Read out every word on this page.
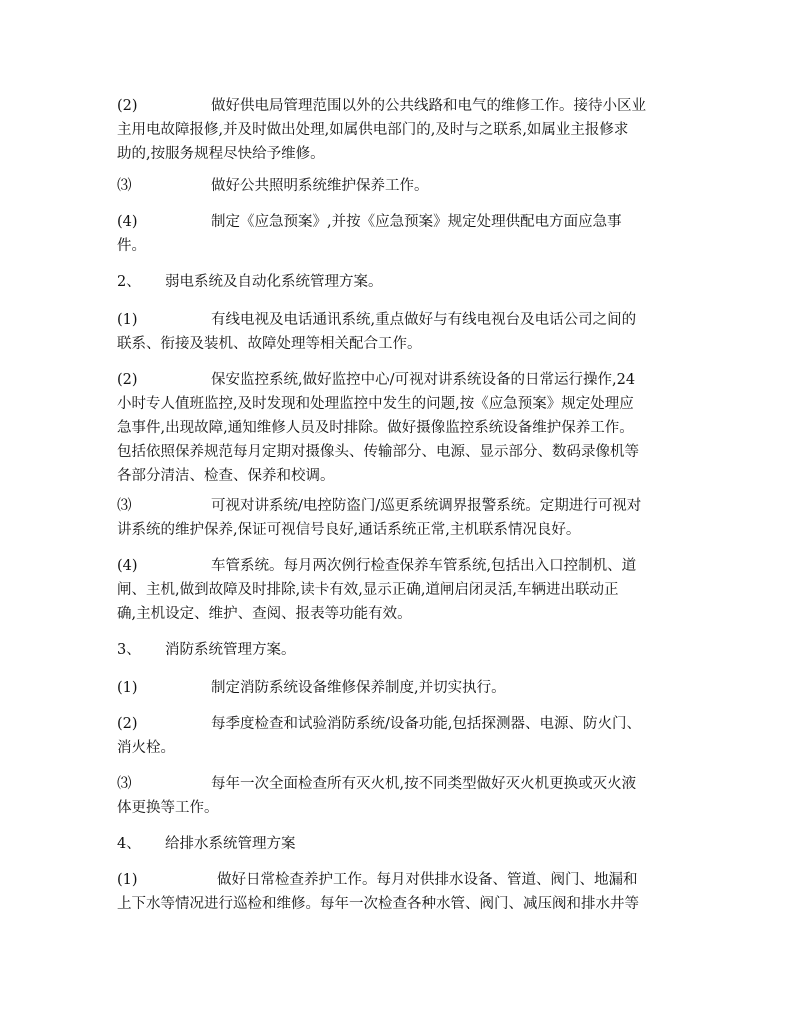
(2)	做好供电局管理范围以外的公共线路和电气的维修工作。接待小区业
主用电故障报修,并及时做出处理,如属供电部门的,及时与之联系,如属业主报修求
助的,按服务规程尽快给予维修。
⑶	做好公共照明系统维护保养工作。
(4)	制定《应急预案》,并按《应急预案》规定处理供配电方面应急事
件。
2、 弱电系统及自动化系统管理方案。
(1)	有线电视及电话通讯系统,重点做好与有线电视台及电话公司之间的
联系、衔接及装机、故障处理等相关配合工作。
(2)	保安监控系统,做好监控中心/可视对讲系统设备的日常运行操作,24
小时专人值班监控,及时发现和处理监控中发生的问题,按《应急预案》规定处理应
急事件,出现故障,通知维修人员及时排除。做好摄像监控系统设备维护保养工作。
包括依照保养规范每月定期对摄像头、传输部分、电源、显示部分、数码录像机等
各部分清洁、检查、保养和校调。
⑶	可视对讲系统/电控防盗门/巡更系统调界报警系统。定期进行可视对
讲系统的维护保养,保证可视信号良好,通话系统正常,主机联系情况良好。
(4)	车管系统。每月两次例行检查保养车管系统,包括出入口控制机、道
闸、主机,做到故障及时排除,读卡有效,显示正确,道闸启闭灵活,车辆进出联动正
确,主机设定、维护、查阅、报表等功能有效。
3、 消防系统管理方案。
(1)	制定消防系统设备维修保养制度,并切实执行。
(2)	每季度检查和试验消防系统/设备功能,包括探测器、电源、防火门、
消火栓。
⑶	每年一次全面检查所有灭火机,按不同类型做好灭火机更换或灭火液
体更换等工作。
4、 给排水系统管理方案
(1)	做好日常检查养护工作。每月对供排水设备、管道、阀门、地漏和
上下水等情况进行巡检和维修。每年一次检查各种水管、阀门、减压阀和排水井等
